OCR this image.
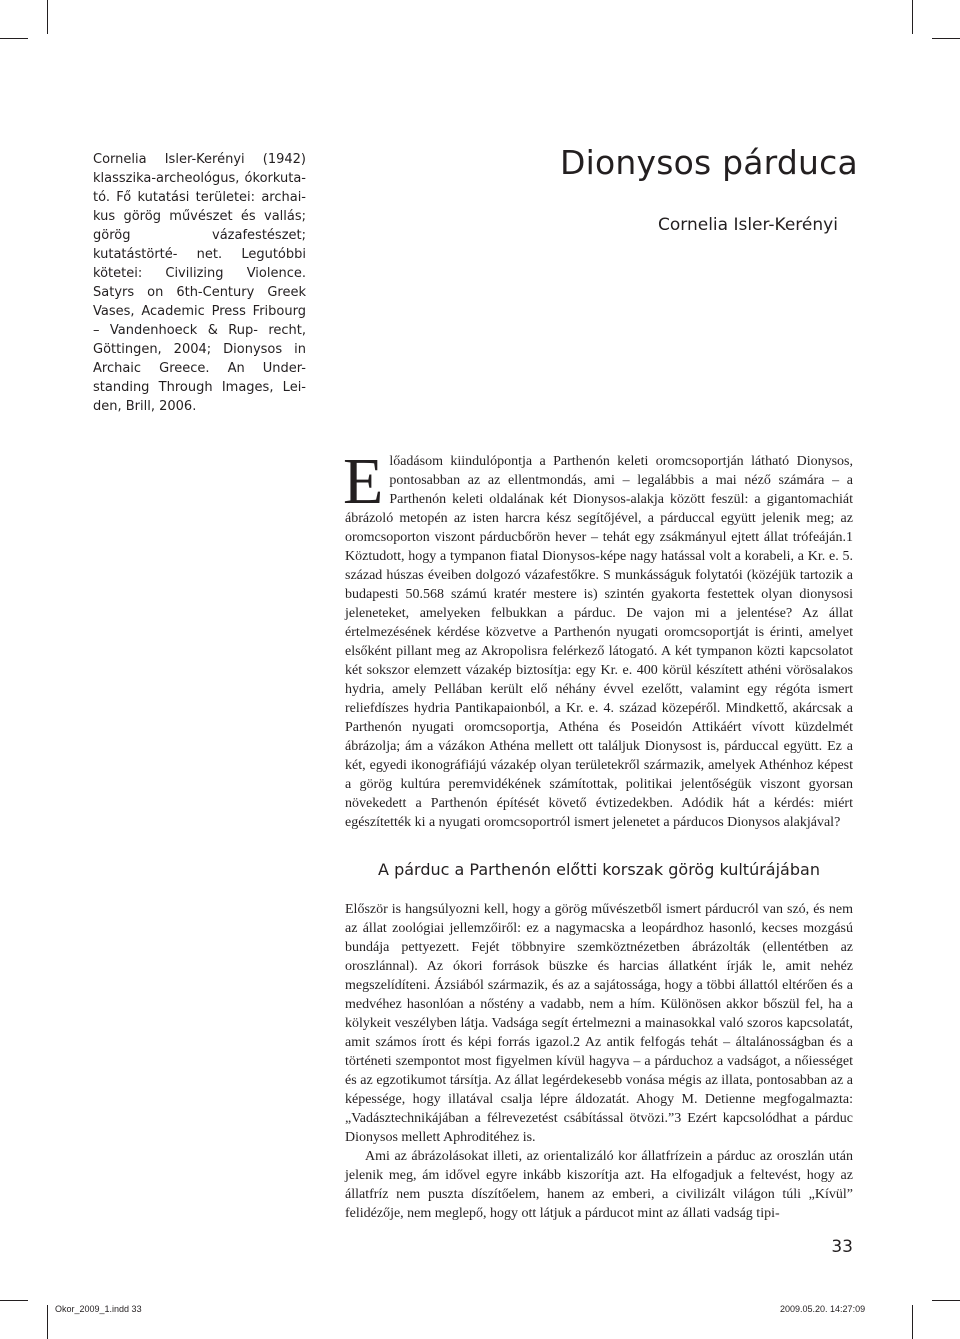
Cornelia Isler-Kerényi (1942) klasszika-archeológus, ókorkuta- tó. Fő kutatási területei: archai- kus görög művészet és vallás; görög vázafestészet; kutatástörté- net. Legutóbbi kötetei: Civilizing Violence. Satyrs on 6th-Century Greek Vases, Academic Press Fribourg – Vandenhoeck & Rup- recht, Göttingen, 2004; Dionysos in Archaic Greece. An Under- standing Through Images, Lei- den, Brill, 2006.

Dionysos párduca
Cornelia Isler-Kerényi

Előadásom kiindulópontja a Parthenón keleti oromcsoportján látható Dionysos, pontosabban az az ellentmondás, ami – legalábbis a mai néző számára – a Parthenón keleti oldalának két Dionysos-alakja között feszül: a gigantomachiát ábrázoló metopén az isten harcra kész segítőjével, a párduccal együtt jelenik meg; az oromcsoporton viszont párducbőrön hever – tehát egy zsákmányul ejtett állat trófeáján.1 Köztudott, hogy a tympanon fiatal Dionysos-képe nagy hatással volt a korabeli, a Kr. e. 5. század húszas éveiben dolgozó vázafestőkre. S munkásságuk folytatói (közéjük tartozik a budapesti 50.568 számú kratér mestere is) szintén gyakorta festettek olyan dionysosi jeleneteket, amelyeken felbukkan a párduc. De vajon mi a jelentése? Az állat értelmezésének kérdése közvetve a Parthenón nyugati oromcsoportját is érinti, amelyet elsőként pillant meg az Akropolisra felérkező látogató. A két tympanon közti kapcsolatot két sokszor elemzett vázakép biztosítja: egy Kr. e. 400 körül készített athéni vörösalakos hydria, amely Pellában került elő néhány évvel ezelőtt, valamint egy régóta ismert reliefdíszes hydria Pantikapaionból, a Kr. e. 4. század közepéről. Mindkettő, akárcsak a Parthenón nyugati oromcsoportja, Athéna és Poseidón Attikáért vívott küzdelmét ábrázolja; ám a vázákon Athéna mellett ott találjuk Dionysost is, párduccal együtt. Ez a két, egyedi ikonográfiájú vázakép olyan területekről származik, amelyek Athénhoz képest a görög kultúra peremvidékének számítottak, politikai jelentőségük viszont gyorsan növekedett a Parthenón építését követő évtizedekben. Adódik hát a kérdés: miért egészítették ki a nyugati oromcsoportról ismert jelenetet a párducos Dionysos alakjával?

A párduc a Parthenón előtti korszak görög kultúrájában

Először is hangsúlyozni kell, hogy a görög művészetből ismert párducról van szó, és nem az állat zoológiai jellemzőiről: ez a nagymacska a leopárdhoz hasonló, kecses mozgású bundája pettyezett. Fejét többnyire szemköztnézetben ábrázolták (ellentétben az oroszlánnal). Az ókori források büszke és harcias állatként írják le, amit nehéz megszelídíteni. Ázsiából származik, és az a sajátossága, hogy a többi állattól eltérően és a medvéhez hasonlóan a nőstény a vadabb, nem a hím. Különösen akkor bőszül fel, ha a kölykeit veszélyben látja. Vadsága segít értelmezni a mainasokkal való szoros kapcsolatát, amit számos írott és képi forrás igazol.2 Az antik felfogás tehát – általánosságban és a történeti szempontot most figyelmen kívül hagyva – a párduchoz a vadságot, a nőiességet és az egzotikumot társítja. Az állat legérdekesebb vonása mégis az illata, pontosabban az a képessége, hogy illatával csalja lépre áldozatát. Ahogy M. Detienne megfogalmazta: „Vadásztechnikájában a félrevezetést csábítással ötvözi.”3 Ezért kapcsolódhat a párduc Dionysos mellett Aphroditéhez is.

Ami az ábrázolásokat illeti, az orientalizáló kor állatfrízein a párduc az oroszlán után jelenik meg, ám idővel egyre inkább kiszorítja azt. Ha elfogadjuk a feltevést, hogy az állatfríz nem puszta díszítőelem, hanem az emberi, a civilizált világon túli „Kívül” felidézője, nem meglepő, hogy ott látjuk a párducot mint az állati vadság tipi-

33
Okor_2009_1.indd 33	2009.05.20. 14:27:09
